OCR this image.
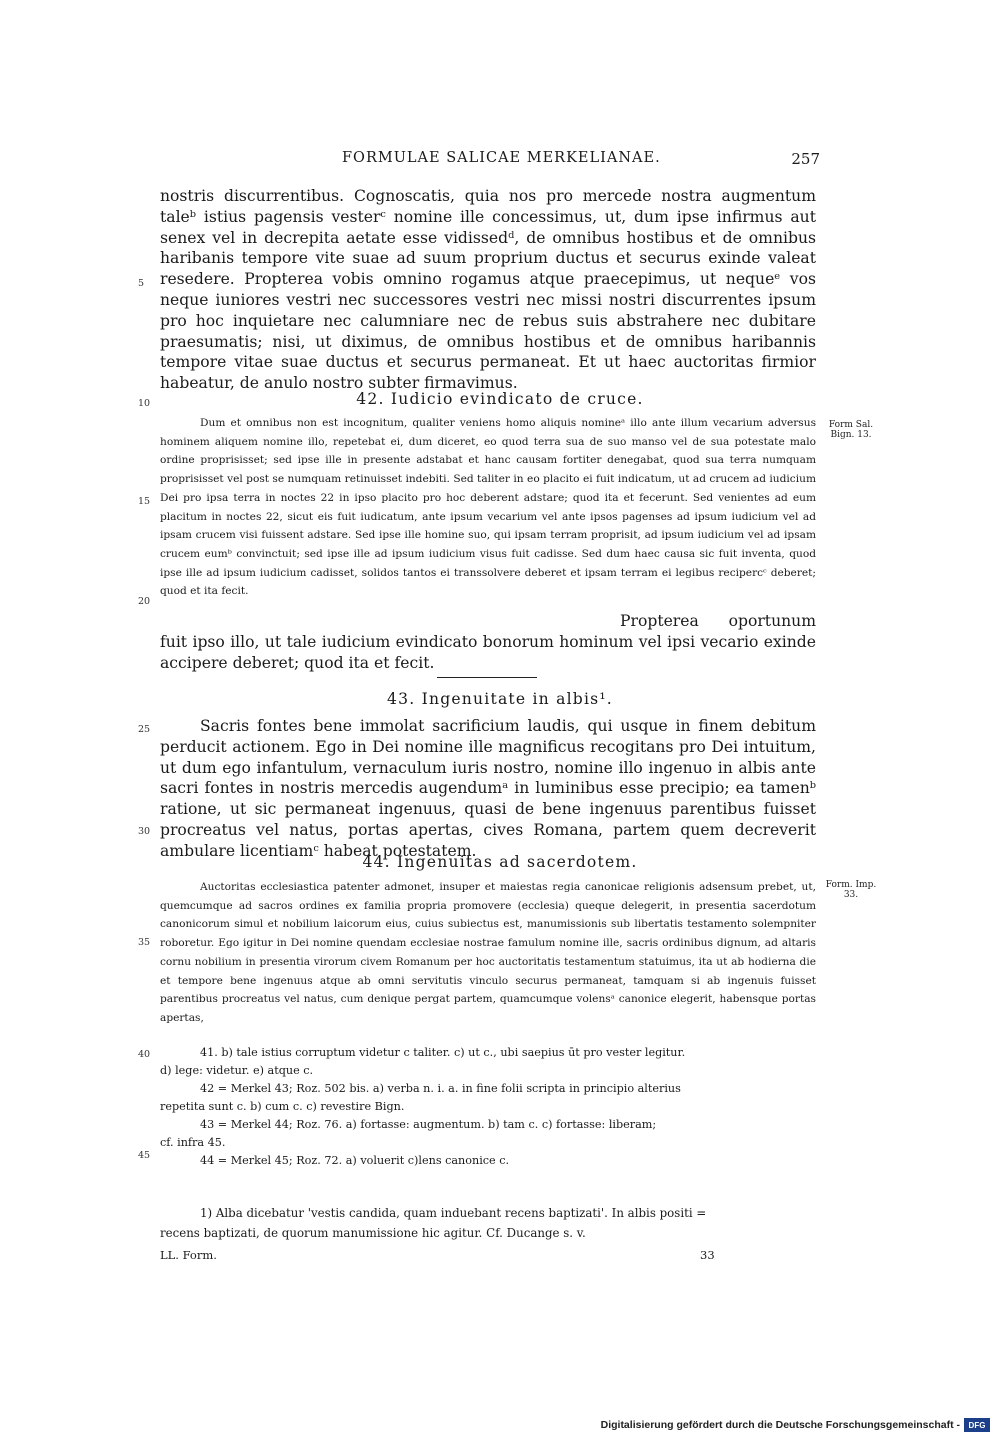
FORMULAE SALICAE MERKELIANAE.	257
5
10
15
20
25
30
35
40
45

nostris discurrentibus. Cognoscatis, quia nos pro mercede nostra augmentum taleᵇ istius pagensis vesterᶜ nomine ille concessimus, ut, dum ipse infirmus aut senex vel in decrepita aetate esse vidissedᵈ, de omnibus hostibus et de omnibus haribanis tempore vite suae ad suum proprium ductus et securus exinde valeat resedere. Propterea vobis omnino rogamus atque praecepimus, ut nequeᵉ vos neque iuniores vestri nec successores vestri nec missi nostri discurrentes ipsum pro hoc inquietare nec calumniare nec de rebus suis abstrahere nec dubitare praesumatis; nisi, ut diximus, de omnibus hostibus et de omnibus haribannis tempore vitae suae ductus et securus permaneat. Et ut haec auctoritas firmior habeatur, de anulo nostro subter firmavimus.

42. Iudicio evindicato de cruce.
Form Sal. Bign. 13.

Dum et omnibus non est incognitum, qualiter veniens homo aliquis nomineᵃ illo ante illum vecarium adversus hominem aliquem nomine illo, repetebat ei, dum diceret, eo quod terra sua de suo manso vel de sua potestate malo ordine proprisisset; sed ipse ille in presente adstabat et hanc causam fortiter denegabat, quod sua terra numquam proprisisset vel post se numquam retinuisset indebiti. Sed taliter in eo placito ei fuit indicatum, ut ad crucem ad iudicium Dei pro ipsa terra in noctes 22 in ipso placito pro hoc deberent adstare; quod ita et fecerunt. Sed venientes ad eum placitum in noctes 22, sicut eis fuit iudicatum, ante ipsum vecarium vel ante ipsos pagenses ad ipsum iudicium vel ad ipsam crucem visi fuissent adstare. Sed ipse ille homine suo, qui ipsam terram proprisit, ad ipsum iudicium vel ad ipsam crucem eumᵇ convinctuit; sed ipse ille ad ipsum iudicium visus fuit cadisse. Sed dum haec causa sic fuit inventa, quod ipse ille ad ipsum iudicium cadisset, solidos tantos ei transsolvere deberet et ipsam terram ei legibus recipercᶜ deberet; quod et ita fecit.

Propterea oportunum fuit ipso illo, ut tale iudicium evindicato bonorum hominum vel ipsi vecario exinde accipere deberet; quod ita et fecit.

43. Ingenuitate in albis¹.

Sacris fontes bene immolat sacrificium laudis, qui usque in finem debitum perducit actionem. Ego in Dei nomine ille magnificus recogitans pro Dei intuitum, ut dum ego infantulum, vernaculum iuris nostro, nomine illo ingenuo in albis ante sacri fontes in nostris mercedis augendumᵃ in luminibus esse precipio; ea tamenᵇ ratione, ut sic permaneat ingenuus, quasi de bene ingenuus parentibus fuisset procreatus vel natus, portas apertas, cives Romana, partem quem decreverit ambulare licentiamᶜ habeat potestatem.

44. Ingenuitas ad sacerdotem.
Form. Imp. 33.

Auctoritas ecclesiastica patenter admonet, insuper et maiestas regia canonicae religionis adsensum prebet, ut, quemcumque ad sacros ordines ex familia propria promovere (ecclesia) queque delegerit, in presentia sacerdotum canonicorum simul et nobilium laicorum eius, cuius subiectus est, manumissionis sub libertatis testamento solempniter roboretur. Ego igitur in Dei nomine quendam ecclesiae nostrae famulum nomine ille, sacris ordinibus dignum, ad altaris cornu nobilium in presentia virorum civem Romanum per hoc auctoritatis testamentum statuimus, ita ut ab hodierna die et tempore bene ingenuus atque ab omni servitutis vinculo securus permaneat, tamquam si ab ingenuis fuisset parentibus procreatus vel natus, cum denique pergat partem, quamcumque volensᵃ canonice elegerit, habensque portas apertas,

41. b) tale istius corruptum videtur c taliter. c) ut c., ubi saepius ūt pro vester legitur.

d) lege: videtur. e) atque c.

42 = Merkel 43; Roz. 502 bis. a) verba n. i. a. in fine folii scripta in principio alterius

repetita sunt c. b) cum c. c) revestire Bign.

43 = Merkel 44; Roz. 76. a) fortasse: augmentum. b) tam c. c) fortasse: liberam;

cf. infra 45.

44 = Merkel 45; Roz. 72. a) voluerit c)lens canonice c.

1) Alba dicebatur 'vestis candida, quam induebant recens baptizati'. In albis positi =

recens baptizati, de quorum manumissione hic agitur. Cf. Ducange s. v.

LL. Form.	33
Digitalisierung gefördert durch die Deutsche Forschungsgemeinschaft -	DFG
